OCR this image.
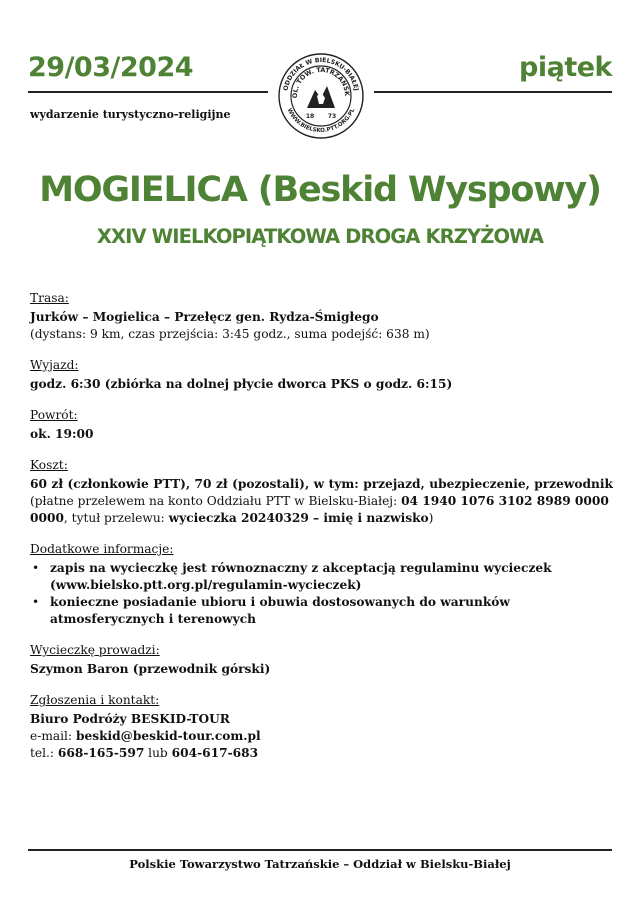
29/03/2024	piątek
wydarzenie turystyczno-religijne
ODDZIAŁ W BIELSKU-BIAŁEJ
WWW.BIELSKO.PTT.ORG.PL
OL. TOW. TATRZAŃSK
18 73
MOGIELICA (Beskid Wyspowy)
XXIV WIELKOPIĄTKOWA DROGA KRZYŻOWA
Trasa:
Jurków – Mogielica – Przełęcz gen. Rydza-Śmigłego
(dystans: 9 km, czas przejścia: 3:45 godz., suma podejść: 638 m)
Wyjazd:
godz. 6:30 (zbiórka na dolnej płycie dworca PKS o godz. 6:15)
Powrót:
ok. 19:00
Koszt:
60 zł (członkowie PTT), 70 zł (pozostali), w tym: przejazd, ubezpieczenie, przewodnik
(płatne przelewem na konto Oddziału PTT w Bielsku-Białej: 04 1940 1076 3102 8989 0000 0000, tytuł przelewu: wycieczka 20240329 – imię i nazwisko)
Dodatkowe informacje:
• zapis na wycieczkę jest równoznaczny z akceptacją regulaminu wycieczek (www.bielsko.ptt.org.pl/regulamin-wycieczek)
• konieczne posiadanie ubioru i obuwia dostosowanych do warunków atmosferycznych i terenowych
Wycieczkę prowadzi:
Szymon Baron (przewodnik górski)
Zgłoszenia i kontakt:
Biuro Podróży BESKID-TOUR
e-mail: beskid@beskid-tour.com.pl
tel.: 668-165-597 lub 604-617-683
Polskie Towarzystwo Tatrzańskie – Oddział w Bielsku-Białej
